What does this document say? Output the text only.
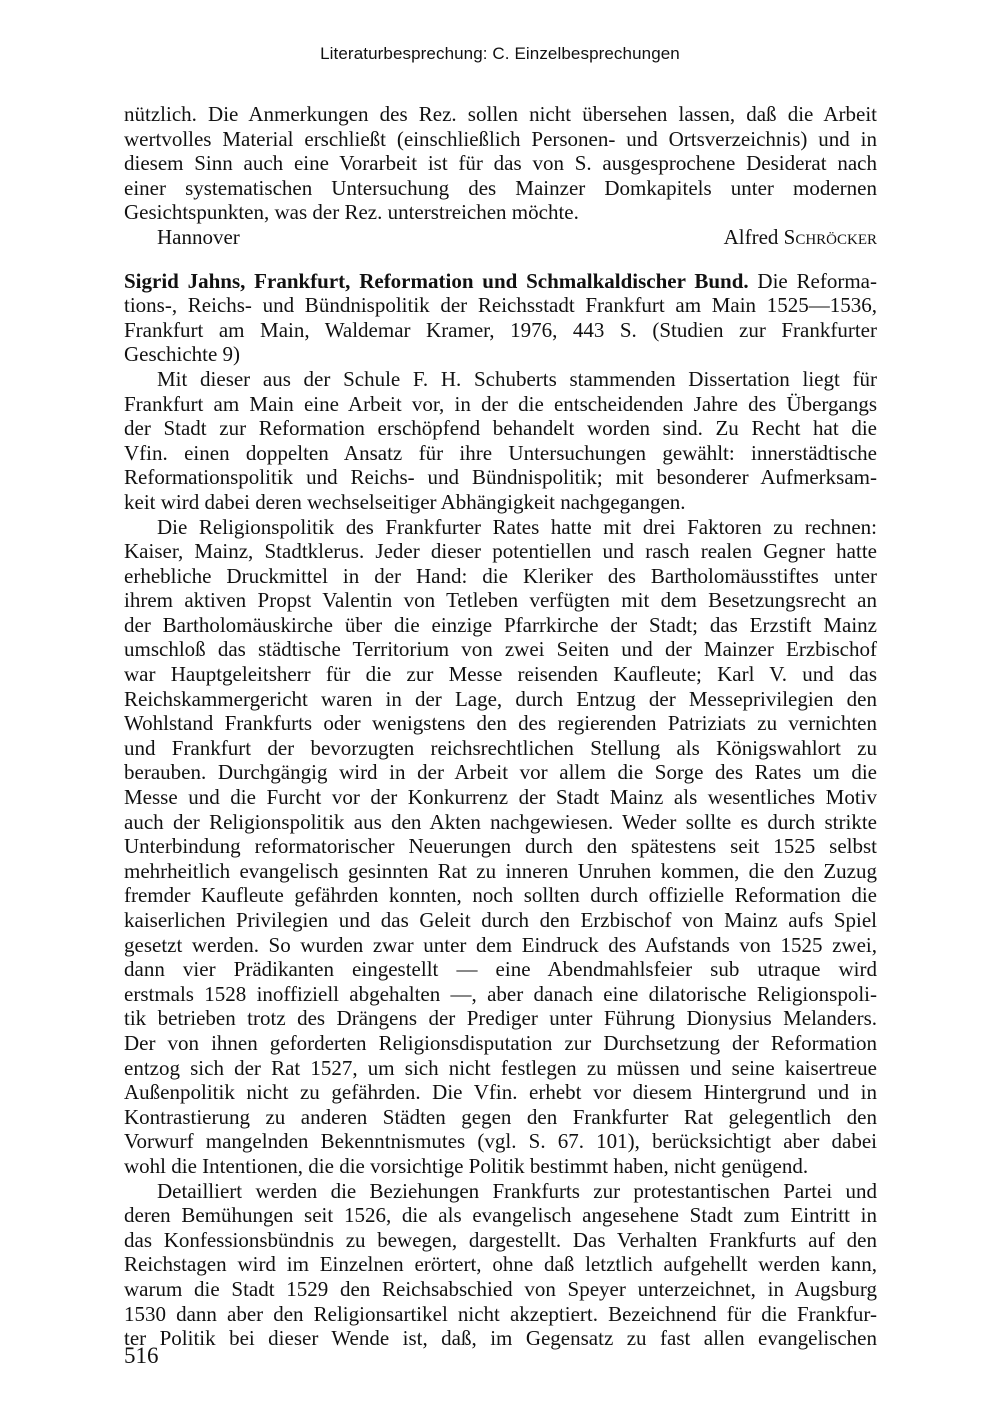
Literaturbesprechung: C. Einzelbesprechungen
nützlich. Die Anmerkungen des Rez. sollen nicht übersehen lassen, daß die Arbeit
wertvolles Material erschließt (einschließlich Personen- und Ortsverzeichnis) und in
diesem Sinn auch eine Vorarbeit ist für das von S. ausgesprochene Desiderat nach
einer systematischen Untersuchung des Mainzer Domkapitels unter modernen
Gesichtspunkten, was der Rez. unterstreichen möchte.
Hannover	Alfred Schröcker
Sigrid Jahns, Frankfurt, Reformation und Schmalkaldischer Bund. Die Reforma-
tions-, Reichs- und Bündnispolitik der Reichsstadt Frankfurt am Main 1525—1536,
Frankfurt am Main, Waldemar Kramer, 1976, 443 S. (Studien zur Frankfurter
Geschichte 9)
Mit dieser aus der Schule F. H. Schuberts stammenden Dissertation liegt für
Frankfurt am Main eine Arbeit vor, in der die entscheidenden Jahre des Übergangs
der Stadt zur Reformation erschöpfend behandelt worden sind. Zu Recht hat die
Vfin. einen doppelten Ansatz für ihre Untersuchungen gewählt: innerstädtische
Reformationspolitik und Reichs- und Bündnispolitik; mit besonderer Aufmerksam-
keit wird dabei deren wechselseitiger Abhängigkeit nachgegangen.
Die Religionspolitik des Frankfurter Rates hatte mit drei Faktoren zu rechnen:
Kaiser, Mainz, Stadtklerus. Jeder dieser potentiellen und rasch realen Gegner hatte
erhebliche Druckmittel in der Hand: die Kleriker des Bartholomäusstiftes unter
ihrem aktiven Propst Valentin von Tetleben verfügten mit dem Besetzungsrecht an
der Bartholomäuskirche über die einzige Pfarrkirche der Stadt; das Erzstift Mainz
umschloß das städtische Territorium von zwei Seiten und der Mainzer Erzbischof
war Hauptgeleitsherr für die zur Messe reisenden Kaufleute; Karl V. und das
Reichskammergericht waren in der Lage, durch Entzug der Messeprivilegien den
Wohlstand Frankfurts oder wenigstens den des regierenden Patriziats zu vernichten
und Frankfurt der bevorzugten reichsrechtlichen Stellung als Königswahlort zu
berauben. Durchgängig wird in der Arbeit vor allem die Sorge des Rates um die
Messe und die Furcht vor der Konkurrenz der Stadt Mainz als wesentliches Motiv
auch der Religionspolitik aus den Akten nachgewiesen. Weder sollte es durch strikte
Unterbindung reformatorischer Neuerungen durch den spätestens seit 1525 selbst
mehrheitlich evangelisch gesinnten Rat zu inneren Unruhen kommen, die den Zuzug
fremder Kaufleute gefährden konnten, noch sollten durch offizielle Reformation die
kaiserlichen Privilegien und das Geleit durch den Erzbischof von Mainz aufs Spiel
gesetzt werden. So wurden zwar unter dem Eindruck des Aufstands von 1525 zwei,
dann vier Prädikanten eingestellt — eine Abendmahlsfeier sub utraque wird
erstmals 1528 inoffiziell abgehalten —, aber danach eine dilatorische Religionspoli-
tik betrieben trotz des Drängens der Prediger unter Führung Dionysius Melanders.
Der von ihnen geforderten Religionsdisputation zur Durchsetzung der Reformation
entzog sich der Rat 1527, um sich nicht festlegen zu müssen und seine kaisertreue
Außenpolitik nicht zu gefährden. Die Vfin. erhebt vor diesem Hintergrund und in
Kontrastierung zu anderen Städten gegen den Frankfurter Rat gelegentlich den
Vorwurf mangelnden Bekenntnismutes (vgl. S. 67. 101), berücksichtigt aber dabei
wohl die Intentionen, die die vorsichtige Politik bestimmt haben, nicht genügend.
Detailliert werden die Beziehungen Frankfurts zur protestantischen Partei und
deren Bemühungen seit 1526, die als evangelisch angesehene Stadt zum Eintritt in
das Konfessionsbündnis zu bewegen, dargestellt. Das Verhalten Frankfurts auf den
Reichstagen wird im Einzelnen erörtert, ohne daß letztlich aufgehellt werden kann,
warum die Stadt 1529 den Reichsabschied von Speyer unterzeichnet, in Augsburg
1530 dann aber den Religionsartikel nicht akzeptiert. Bezeichnend für die Frankfur-
ter Politik bei dieser Wende ist, daß, im Gegensatz zu fast allen evangelischen
516
